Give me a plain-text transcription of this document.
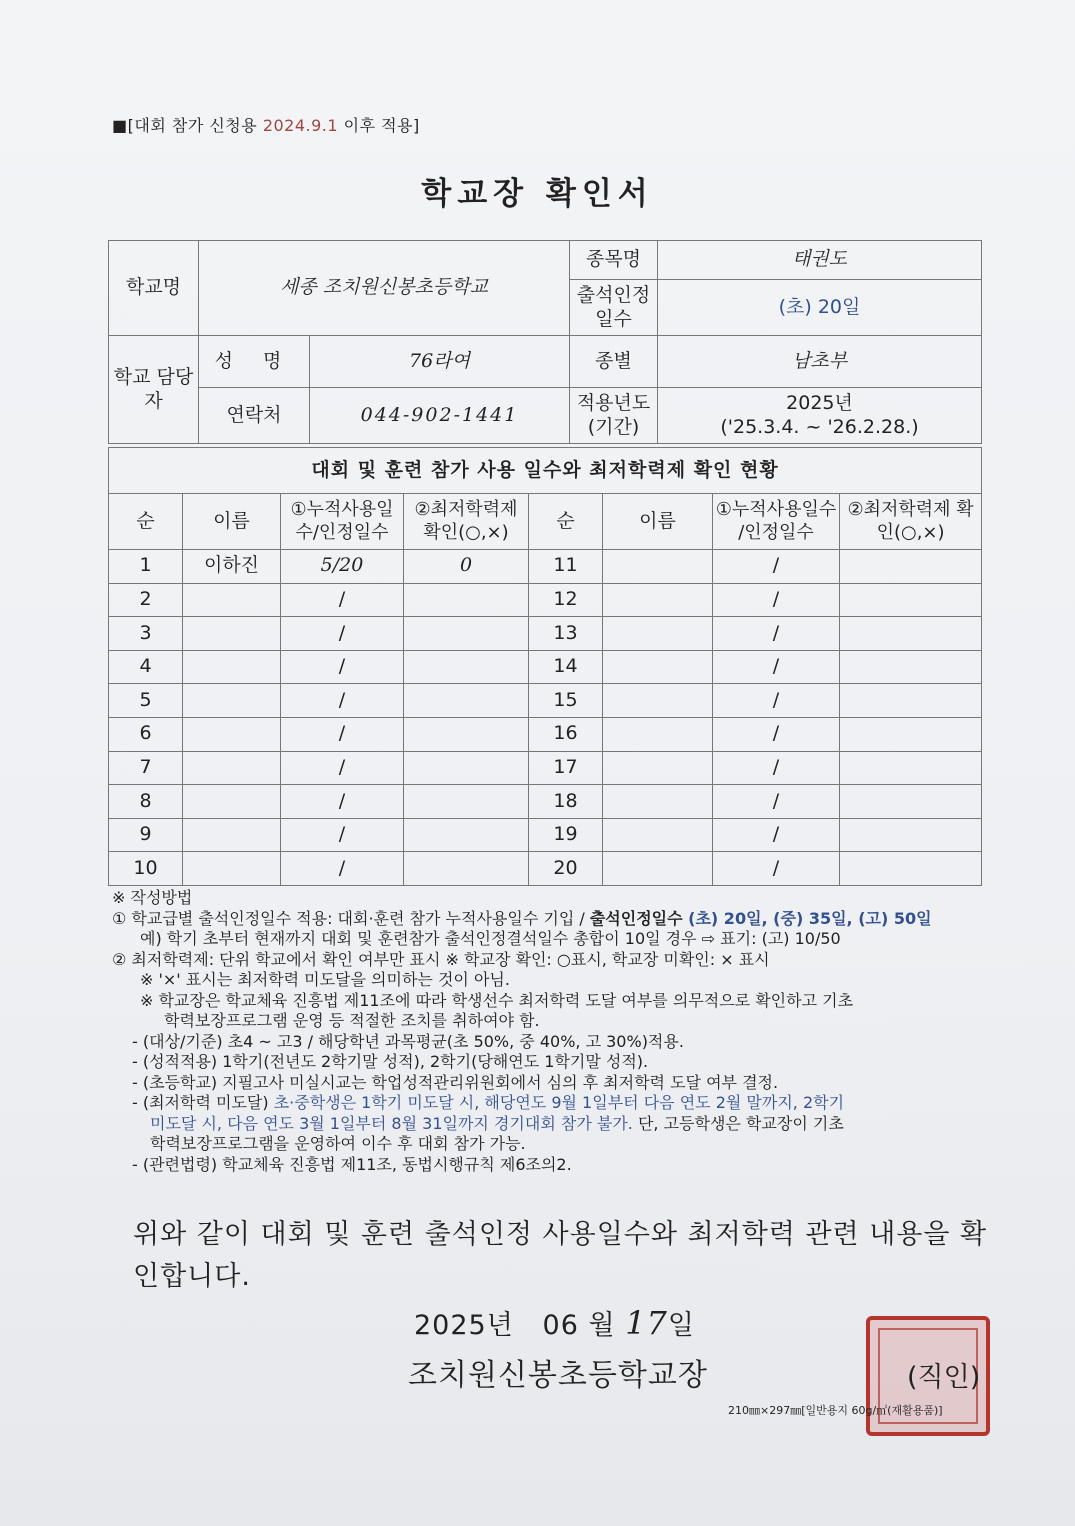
■[대회 참가 신청용 2024.9.1 이후 적용]
학교장 확인서
학교명	세종 조치원신봉초등학교		종목명	태권도
			출석인정 일수	(초) 20일
학교 담당자	성 명	76라여	종별	남초부
	연락처	044-902-1441	적용년도 (기간)	2025년
('25.3.4. ~ '26.2.28.)
대회 및 훈련 참가 사용 일수와 최저학력제 확인 현황							
순	이름	①누적사용일 수/인정일수	②최저학력제 확인(○,×)	순	이름	①누적사용일수 /인정일수	②최저학력제 확인(○,×)
1	이하진	5/20	0	11		/	
2		/		12		/	
3		/		13		/	
4		/		14		/	
5		/		15		/	
6		/		16		/	
7		/		17		/	
8		/		18		/	
9		/		19		/	
10		/		20		/	
※ 작성방법
① 학교급별 출석인정일수 적용: 대회·훈련 참가 누적사용일수 기입 / 출석인정일수 (초) 20일, (중) 35일, (고) 50일
예) 학기 초부터 현재까지 대회 및 훈련참가 출석인정결석일수 총합이 10일 경우 ⇨ 표기: (고) 10/50
② 최저학력제: 단위 학교에서 확인 여부만 표시 ※ 학교장 확인: ○표시, 학교장 미확인: × 표시
※ '×' 표시는 최저학력 미도달을 의미하는 것이 아님.
※ 학교장은 학교체육 진흥법 제11조에 따라 학생선수 최저학력 도달 여부를 의무적으로 확인하고 기초
학력보장프로그램 운영 등 적절한 조치를 취하여야 함.
- (대상/기준) 초4 ~ 고3 / 해당학년 과목평균(초 50%, 중 40%, 고 30%)적용.
- (성적적용) 1학기(전년도 2학기말 성적), 2학기(당해연도 1학기말 성적).
- (초등학교) 지필고사 미실시교는 학업성적관리위원회에서 심의 후 최저학력 도달 여부 결정.
- (최저학력 미도달) 초·중학생은 1학기 미도달 시, 해당연도 9월 1일부터 다음 연도 2월 말까지, 2학기
미도달 시, 다음 연도 3월 1일부터 8월 31일까지 경기대회 참가 불가. 단, 고등학생은 학교장이 기초
학력보장프로그램을 운영하여 이수 후 대회 참가 가능.
- (관련법령) 학교체육 진흥법 제11조, 동법시행규칙 제6조의2.
위와 같이 대회 및 훈련 출석인정 사용일수와 최저학력 관련 내용을 확인합니다.
2025년 06 월 17일
조치원신봉초등학교장	(직인)
210㎜×297㎜[일반용지 60g/㎡(재활용품)]
